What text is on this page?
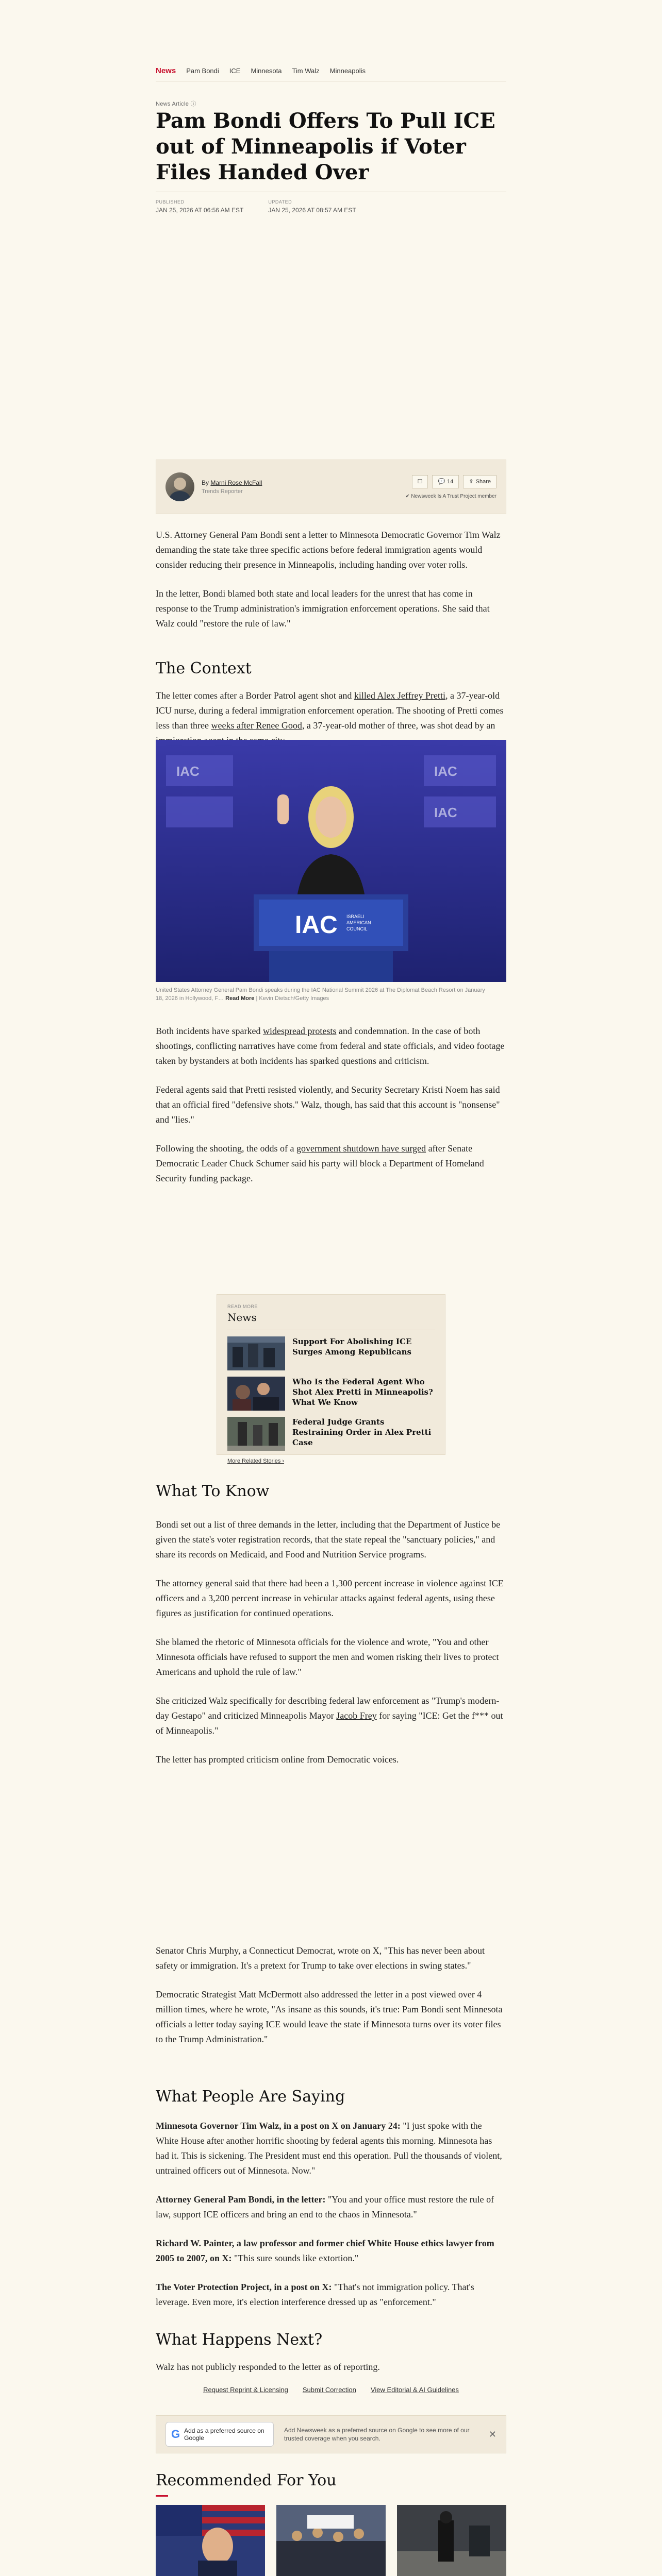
News Pam Bondi ICE Minnesota Tim Walz Minneapolis
News Article ⓘ
Pam Bondi Offers To Pull ICE out of Minneapolis if Voter Files Handed Over
PUBLISHED
JAN 25, 2026 AT 06:56 AM EST
UPDATED
JAN 25, 2026 AT 08:57 AM EST
By Marni Rose McFall
Trends Reporter
☐	💬 14	⇪ Share
✔ Newsweek Is A Trust Project member

U.S. Attorney General Pam Bondi sent a letter to Minnesota Democratic Governor Tim Walz demanding the state take three specific actions before federal immigration agents would consider reducing their presence in Minneapolis, including handing over voter rolls.

In the letter, Bondi blamed both state and local leaders for the unrest that has come in response to the Trump administration's immigration enforcement operations. She said that Walz could "restore the rule of law."

The Context

The letter comes after a Border Patrol agent shot and killed Alex Jeffrey Pretti, a 37-year-old ICU nurse, during a federal immigration enforcement operation. The shooting of Pretti comes less than three weeks after Renee Good, a 37-year-old mother of three, was shot dead by an

IAC	IAC
IAC
IAC ISRAELI
AMERICAN
COUNCIL
United States Attorney General Pam Bondi speaks during the IAC National Summit 2026 at The Diplomat Beach Resort on January 18, 2026 in Hollywood, F… Read More | Kevin Dietsch/Getty Images

Both incidents have sparked widespread protests and condemnation. In the case of both shootings, conflicting narratives have come from federal and state officials, and video footage taken by bystanders at both incidents has sparked questions and criticism.

Federal agents said that Pretti resisted violently, and Security Secretary Kristi Noem has said that an official fired "defensive shots." Walz, though, has said that this account is "nonsense" and "lies."

Following the shooting, the odds of a government shutdown have surged after Senate Democratic Leader Chuck Schumer said his party will block a Department of Homeland Security funding package.

READ MORE
News
Support For Abolishing ICE Surges Among Republicans
Who Is the Federal Agent Who Shot Alex Pretti in Minneapolis? What We Know
Federal Judge Grants Restraining Order in Alex Pretti Case
More Related Stories ›
What To Know

Bondi set out a list of three demands in the letter, including that the Department of Justice be given the state's voter registration records, that the state repeal the "sanctuary policies," and share its records on Medicaid, and Food and Nutrition Service programs.

The attorney general said that there had been a 1,300 percent increase in violence against ICE officers and a 3,200 percent increase in vehicular attacks against federal agents, using these figures as justification for continued operations.

She blamed the rhetoric of Minnesota officials for the violence and wrote, "You and other Minnesota officials have refused to support the men and women risking their lives to protect Americans and uphold the rule of law."

She criticized Walz specifically for describing federal law enforcement as "Trump's modern-day Gestapo" and criticized Minneapolis Mayor Jacob Frey for saying "ICE: Get the f*** out of Minneapolis."

The letter has prompted criticism online from Democratic voices.

Senator Chris Murphy, a Connecticut Democrat, wrote on X, "This has never been about safety or immigration. It's a pretext for Trump to take over elections in swing states."

Democratic Strategist Matt McDermott also addressed the letter in a post viewed over 4 million times, where he wrote, "As insane as this sounds, it's true: Pam Bondi sent Minnesota officials a letter today saying ICE would leave the state if Minnesota turns over its voter files to the Trump Administration."

What People Are Saying

Minnesota Governor Tim Walz, in a post on X on January 24: "I just spoke with the White House after another horrific shooting by federal agents this morning. Minnesota has had it. This is sickening. The President must end this operation. Pull the thousands of violent, untrained officers out of Minnesota. Now."

Attorney General Pam Bondi, in the letter: "You and your office must restore the rule of law, support ICE officers and bring an end to the chaos in Minnesota."

Richard W. Painter, a law professor and former chief White House ethics lawyer from 2005 to 2007, on X: "This sure sounds like extortion."

The Voter Protection Project, in a post on X: "That's not immigration policy. That's leverage. Even more, it's election interference dressed up as "enforcement."

What Happens Next?

Walz has not publicly responded to the letter as of reporting.

Request Reprint & Licensing Submit Correction View Editorial & AI Guidelines
G Add as a preferred source on Google
Add Newsweek as a preferred source on Google to see more of our trusted coverage when you search.	✕
Recommended For You
